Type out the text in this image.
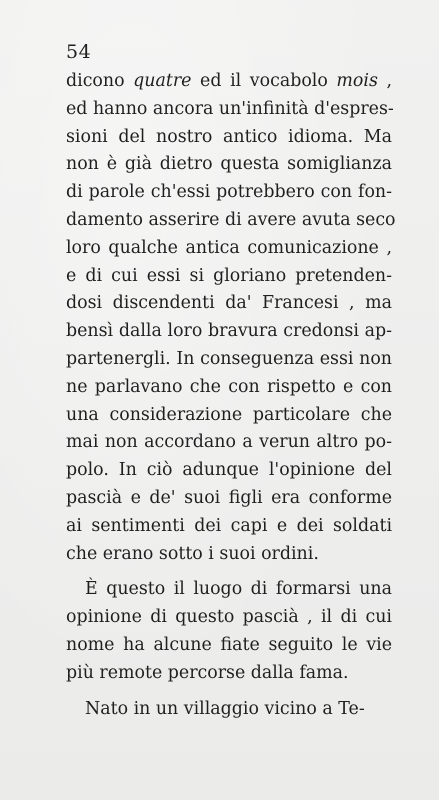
54
dicono quatre ed il vocabolo mois ,
ed hanno ancora un'infinità d'espres-
sioni del nostro antico idioma. Ma
non è già dietro questa somiglianza
di parole ch'essi potrebbero con fon-
damento asserire di avere avuta seco
loro qualche antica comunicazione ,
e di cui essi si gloriano pretenden-
dosi discendenti da' Francesi , ma
bensì dalla loro bravura credonsi ap-
partenergli. In conseguenza essi non
ne parlavano che con rispetto e con
una considerazione particolare che
mai non accordano a verun altro po-
polo. In ciò adunque l'opinione del
pascià e de' suoi figli era conforme
ai sentimenti dei capi e dei soldati
che erano sotto i suoi ordini.
È questo il luogo di formarsi una
opinione di questo pascià , il di cui
nome ha alcune fiate seguito le vie
più remote percorse dalla fama.
Nato in un villaggio vicino a Te-
